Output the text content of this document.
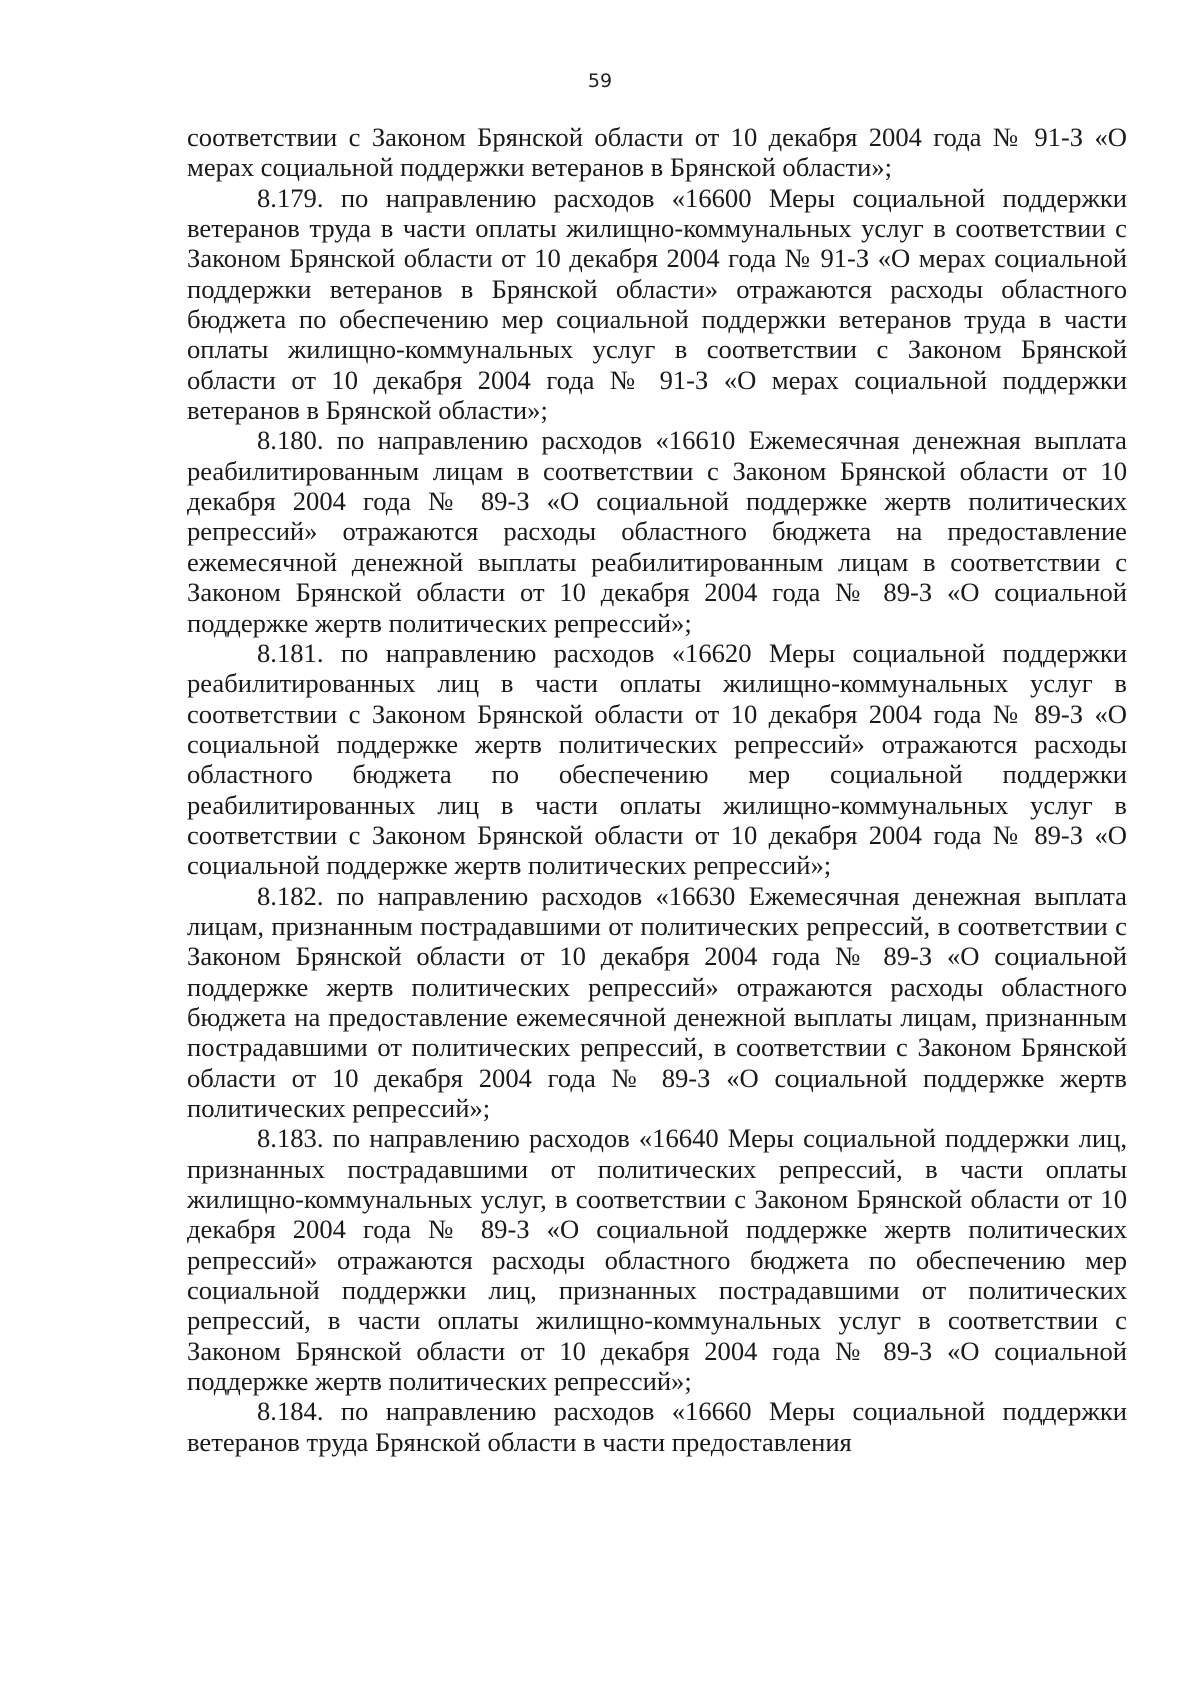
59

соответствии с Законом Брянской области от 10 декабря 2004 года № 91-З «О мерах социальной поддержки ветеранов в Брянской области»;

8.179. по направлению расходов «16600 Меры социальной поддержки ветеранов труда в части оплаты жилищно-коммунальных услуг в соответствии с Законом Брянской области от 10 декабря 2004 года № 91-З «О мерах социальной поддержки ветеранов в Брянской области» отражаются расходы областного бюджета по обеспечению мер социальной поддержки ветеранов труда в части оплаты жилищно-коммунальных услуг в соответствии с Законом Брянской области от 10 декабря 2004 года № 91-З «О мерах социальной поддержки ветеранов в Брянской области»;

8.180. по направлению расходов «16610 Ежемесячная денежная выплата реабилитированным лицам в соответствии с Законом Брянской области от 10 декабря 2004 года № 89-З «О социальной поддержке жертв политических репрессий» отражаются расходы областного бюджета на предоставление ежемесячной денежной выплаты реабилитированным лицам в соответствии с Законом Брянской области от 10 декабря 2004 года № 89-З «О социальной поддержке жертв политических репрессий»;

8.181. по направлению расходов «16620 Меры социальной поддержки реабилитированных лиц в части оплаты жилищно-коммунальных услуг в соответствии с Законом Брянской области от 10 декабря 2004 года № 89-З «О социальной поддержке жертв политических репрессий» отражаются расходы областного бюджета по обеспечению мер социальной поддержки реабилитированных лиц в части оплаты жилищно-коммунальных услуг в соответствии с Законом Брянской области от 10 декабря 2004 года № 89-З «О социальной поддержке жертв политических репрессий»;

8.182. по направлению расходов «16630 Ежемесячная денежная выплата лицам, признанным пострадавшими от политических репрессий, в соответствии с Законом Брянской области от 10 декабря 2004 года № 89-З «О социальной поддержке жертв политических репрессий» отражаются расходы областного бюджета на предоставление ежемесячной денежной выплаты лицам, признанным пострадавшими от политических репрессий, в соответствии с Законом Брянской области от 10 декабря 2004 года № 89-З «О социальной поддержке жертв политических репрессий»;

8.183. по направлению расходов «16640 Меры социальной поддержки лиц, признанных пострадавшими от политических репрессий, в части оплаты жилищно-коммунальных услуг, в соответствии с Законом Брянской области от 10 декабря 2004 года № 89-З «О социальной поддержке жертв политических репрессий» отражаются расходы областного бюджета по обеспечению мер социальной поддержки лиц, признанных пострадавшими от политических репрессий, в части оплаты жилищно-коммунальных услуг в соответствии с Законом Брянской области от 10 декабря 2004 года № 89-З «О социальной поддержке жертв политических репрессий»;

8.184. по направлению расходов «16660 Меры социальной поддержки ветеранов труда Брянской области в части предоставления
